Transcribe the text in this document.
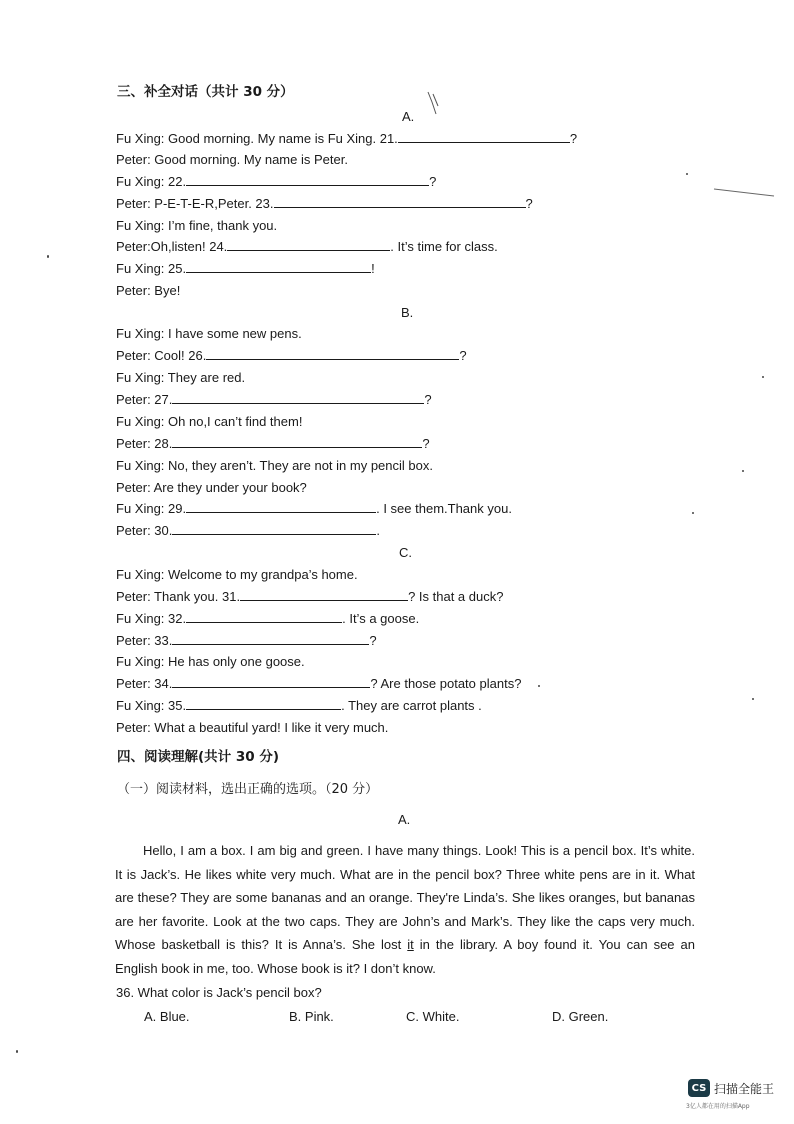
三、补全对话（共计 30 分）
A.
Fu Xing: Good morning. My name is Fu Xing. 21.	?
Peter: Good morning. My name is Peter.
Fu Xing: 22.	?
Peter: P-E-T-E-R,Peter. 23.	?
Fu Xing: I’m fine, thank you.
Peter:Oh,listen! 24.	. It’s time for class.
Fu Xing: 25.	!
Peter: Bye!
B.
Fu Xing: I have some new pens.
Peter: Cool! 26.	?
Fu Xing: They are red.
Peter: 27.	?
Fu Xing: Oh no,I can’t find them!
Peter: 28.	?
Fu Xing: No, they aren’t. They are not in my pencil box.
Peter: Are they under your book?
Fu Xing: 29.	. I see them.Thank you.
Peter: 30.	.
C.
Fu Xing: Welcome to my grandpa’s home.
Peter: Thank you. 31.	? Is that a duck?
Fu Xing: 32.	. It’s a goose.
Peter: 33.	?
Fu Xing: He has only one goose.
Peter: 34.	? Are those potato plants?
Fu Xing: 35.	. They are carrot plants .
Peter: What a beautiful yard! I like it very much.
四、阅读理解(共计 30 分)
（一）阅读材料，选出正确的选项。（20 分）
A.
Hello, I am a box. I am big and green. I have many things. Look! This is a pencil box. It’s white.
It is Jack’s. He likes white very much. What are in the pencil box? Three white pens are in it. What
are these? They are some bananas and an orange. They're Linda’s. She likes oranges, but bananas
are her favorite. Look at the two caps. They are John’s and Mark’s. They like the caps very much.
Whose basketball is this? It is Anna’s. She lost it in the library. A boy found it. You can see an
English book in me, too. Whose book is it? I don’t know.
36. What color is Jack’s pencil box?
A. Blue.	B. Pink.	C. White.	D. Green.
CS 扫描全能王
3亿人都在用的扫描App
